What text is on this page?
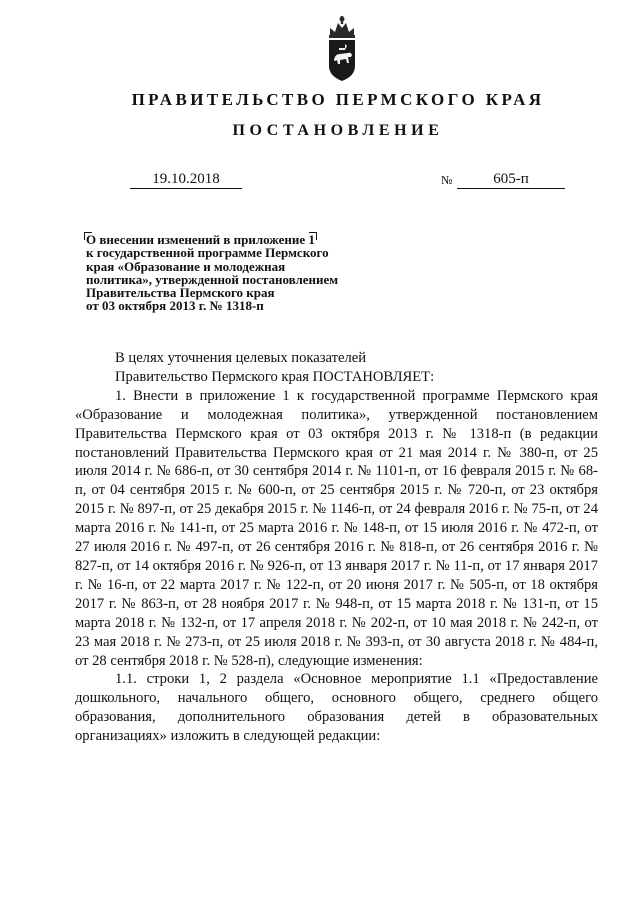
ПРАВИТЕЛЬСТВО ПЕРМСКОГО КРАЯ
ПОСТАНОВЛЕНИЕ
19.10.2018	№	605-п
О внесении изменений в приложение 1
к государственной программе Пермского
края «Образование и молодежная
политика», утвержденной постановлением
Правительства Пермского края
от 03 октября 2013 г. № 1318-п

В целях уточнения целевых показателей

Правительство Пермского края ПОСТАНОВЛЯЕТ:

1. Внести в приложение 1 к государственной программе Пермского края «Образование и молодежная политика», утвержденной постановлением Правительства Пермского края от 03 октября 2013 г. № 1318-п (в редакции постановлений Правительства Пермского края от 21 мая 2014 г. № 380-п, от 25 июля 2014 г. № 686-п, от 30 сентября 2014 г. № 1101-п, от 16 февраля 2015 г. № 68-п, от 04 сентября 2015 г. № 600-п, от 25 сентября 2015 г. № 720-п, от 23 октября 2015 г. № 897-п, от 25 декабря 2015 г. № 1146-п, от 24 февраля 2016 г. № 75-п, от 24 марта 2016 г. № 141-п, от 25 марта 2016 г. № 148-п, от 15 июля 2016 г. № 472-п, от 27 июля 2016 г. № 497-п, от 26 сентября 2016 г. № 818-п, от 26 сентября 2016 г. № 827-п, от 14 октября 2016 г. № 926-п, от 13 января 2017 г. № 11-п, от 17 января 2017 г. № 16-п, от 22 марта 2017 г. № 122-п, от 20 июня 2017 г. № 505-п, от 18 октября 2017 г. № 863-п, от 28 ноября 2017 г. № 948-п, от 15 марта 2018 г. № 131-п, от 15 марта 2018 г. № 132-п, от 17 апреля 2018 г. № 202-п, от 10 мая 2018 г. № 242-п, от 23 мая 2018 г. № 273-п, от 25 июля 2018 г. № 393-п, от 30 августа 2018 г. № 484-п, от 28 сентября 2018 г. № 528-п), следующие изменения:

1.1. строки 1, 2 раздела «Основное мероприятие 1.1 «Предоставление дошкольного, начального общего, основного общего, среднего общего образования, дополнительного образования детей в образовательных организациях» изложить в следующей редакции:
